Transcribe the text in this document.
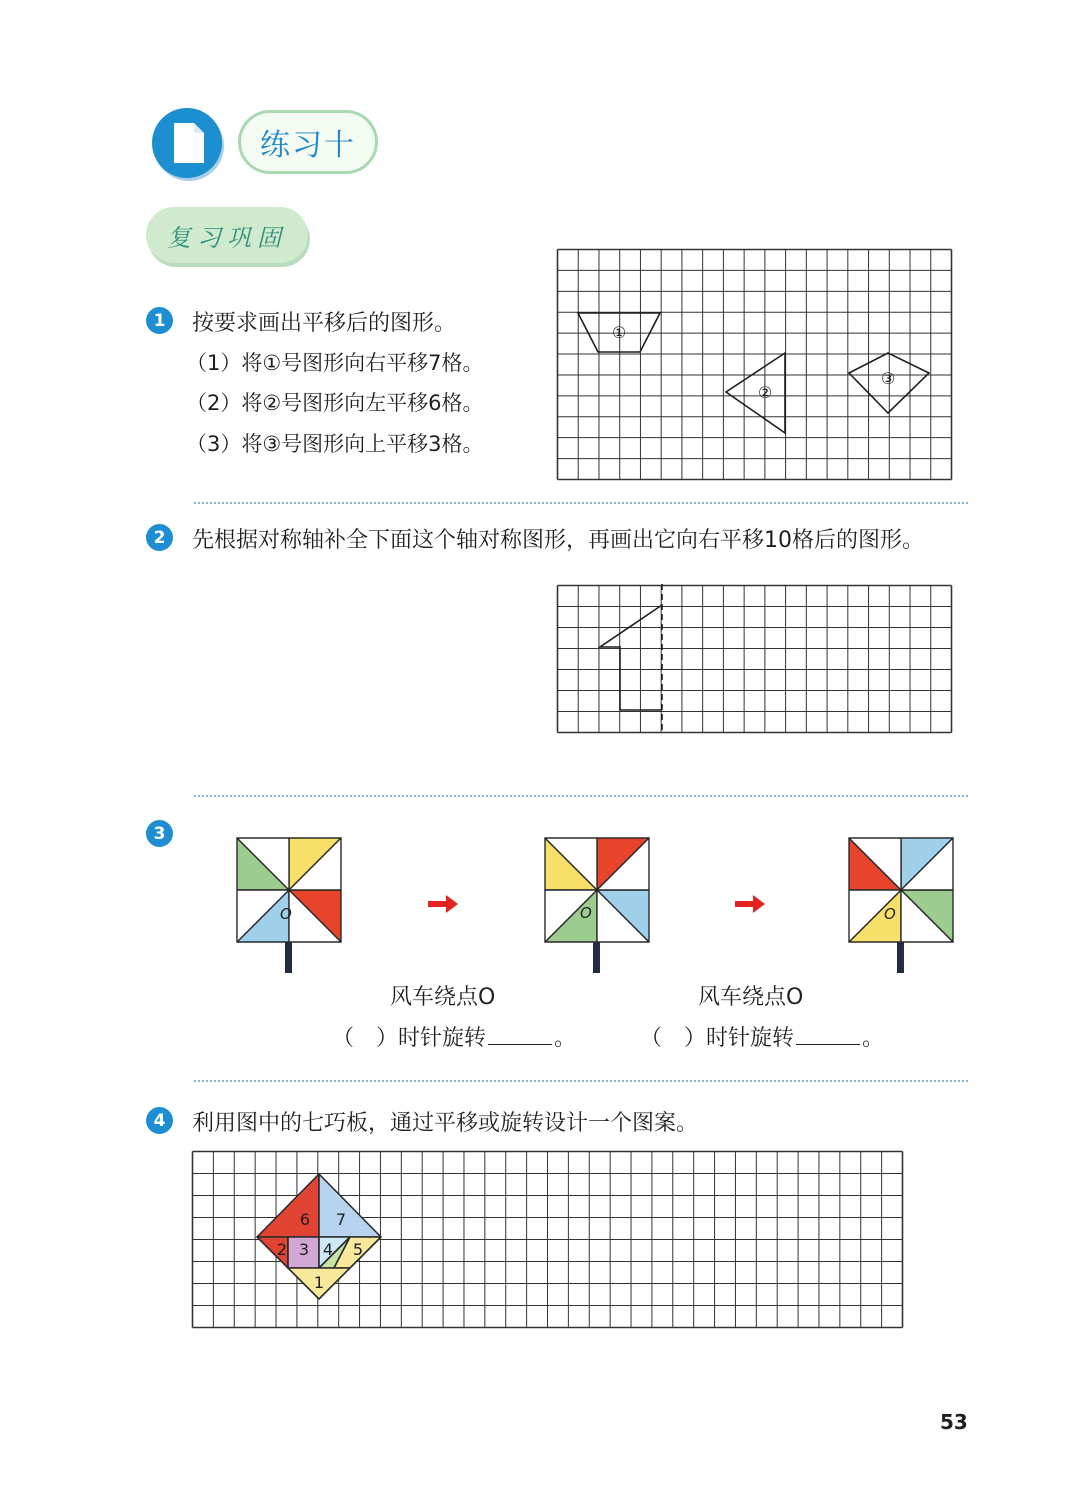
练习十
复习巩固
1	按要求画出平移后的图形。
（1）将①号图形向右平移7格。
（2）将②号图形向左平移6格。
（3）将③号图形向上平移3格。
①
②
③
2	先根据对称轴补全下面这个轴对称图形，再画出它向右平移10格后的图形。
3
O	O	O
风车绕点O
（　）时针旋转	。
风车绕点O
（　）时针旋转	。
4	利用图中的七巧板，通过平移或旋转设计一个图案。
6 7
2 3 4 5
1
53
